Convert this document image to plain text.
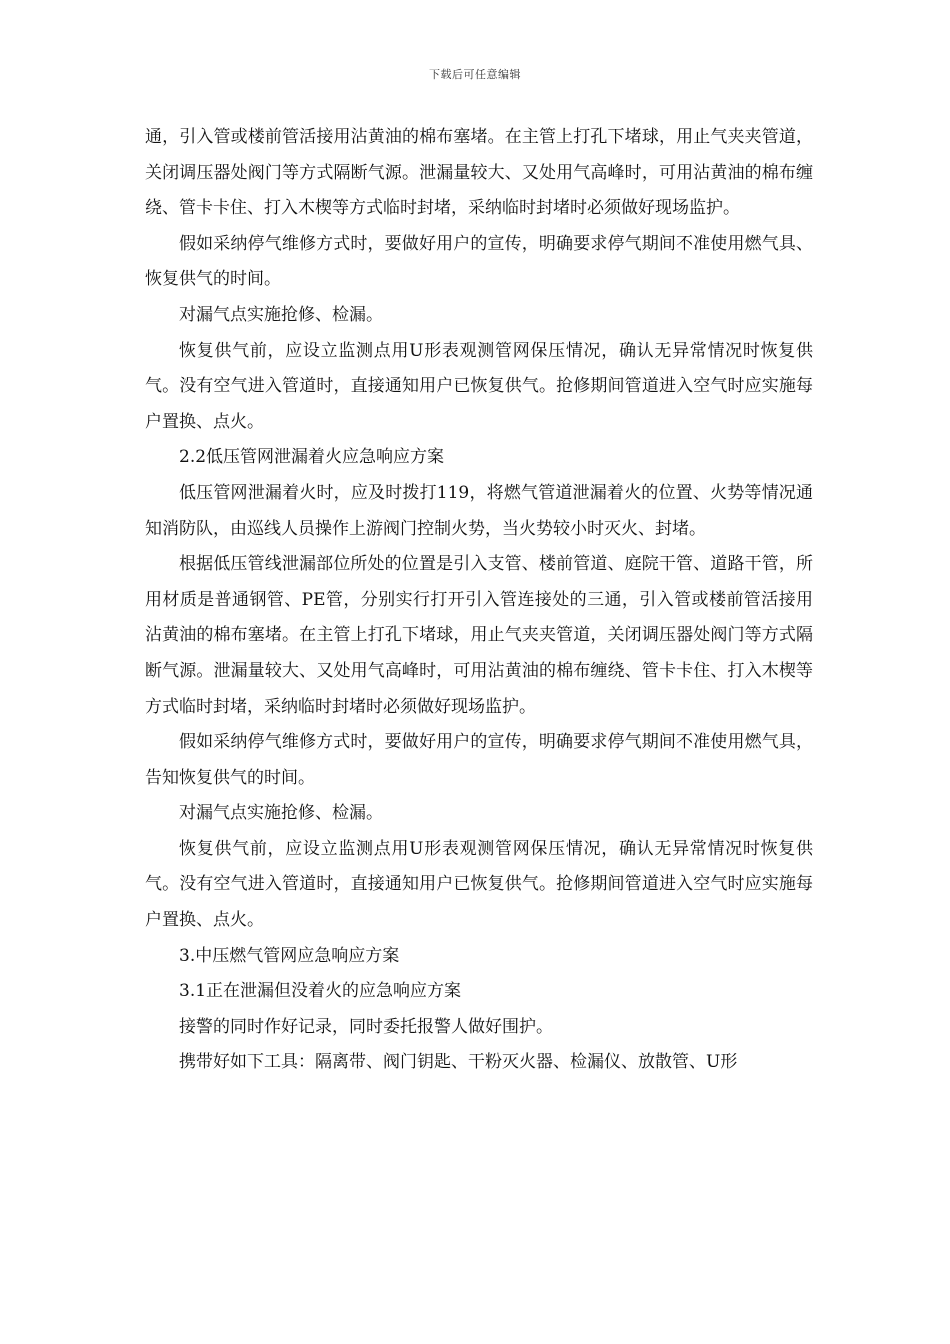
下载后可任意编辑

通，引入管或楼前管活接用沾黄油的棉布塞堵。在主管上打孔下堵球，用止气夹夹管道，关闭调压器处阀门等方式隔断气源。泄漏量较大、又处用气高峰时，可用沾黄油的棉布缠绕、管卡卡住、打入木楔等方式临时封堵，采纳临时封堵时必须做好现场监护。

假如采纳停气维修方式时，要做好用户的宣传，明确要求停气期间不准使用燃气具、恢复供气的时间。

对漏气点实施抢修、检漏。

恢复供气前，应设立监测点用U形表观测管网保压情况，确认无异常情况时恢复供气。没有空气进入管道时，直接通知用户已恢复供气。抢修期间管道进入空气时应实施每户置换、点火。

2.2低压管网泄漏着火应急响应方案

低压管网泄漏着火时，应及时拨打119，将燃气管道泄漏着火的位置、火势等情况通知消防队，由巡线人员操作上游阀门控制火势，当火势较小时灭火、封堵。

根据低压管线泄漏部位所处的位置是引入支管、楼前管道、庭院干管、道路干管，所用材质是普通钢管、PE管，分别实行打开引入管连接处的三通，引入管或楼前管活接用沾黄油的棉布塞堵。在主管上打孔下堵球，用止气夹夹管道，关闭调压器处阀门等方式隔断气源。泄漏量较大、又处用气高峰时，可用沾黄油的棉布缠绕、管卡卡住、打入木楔等方式临时封堵，采纳临时封堵时必须做好现场监护。

假如采纳停气维修方式时，要做好用户的宣传，明确要求停气期间不准使用燃气具，告知恢复供气的时间。

对漏气点实施抢修、检漏。

恢复供气前，应设立监测点用U形表观测管网保压情况，确认无异常情况时恢复供气。没有空气进入管道时，直接通知用户已恢复供气。抢修期间管道进入空气时应实施每户置换、点火。

3.中压燃气管网应急响应方案

3.1正在泄漏但没着火的应急响应方案

接警的同时作好记录，同时委托报警人做好围护。

携带好如下工具：隔离带、阀门钥匙、干粉灭火器、检漏仪、放散管、U形
